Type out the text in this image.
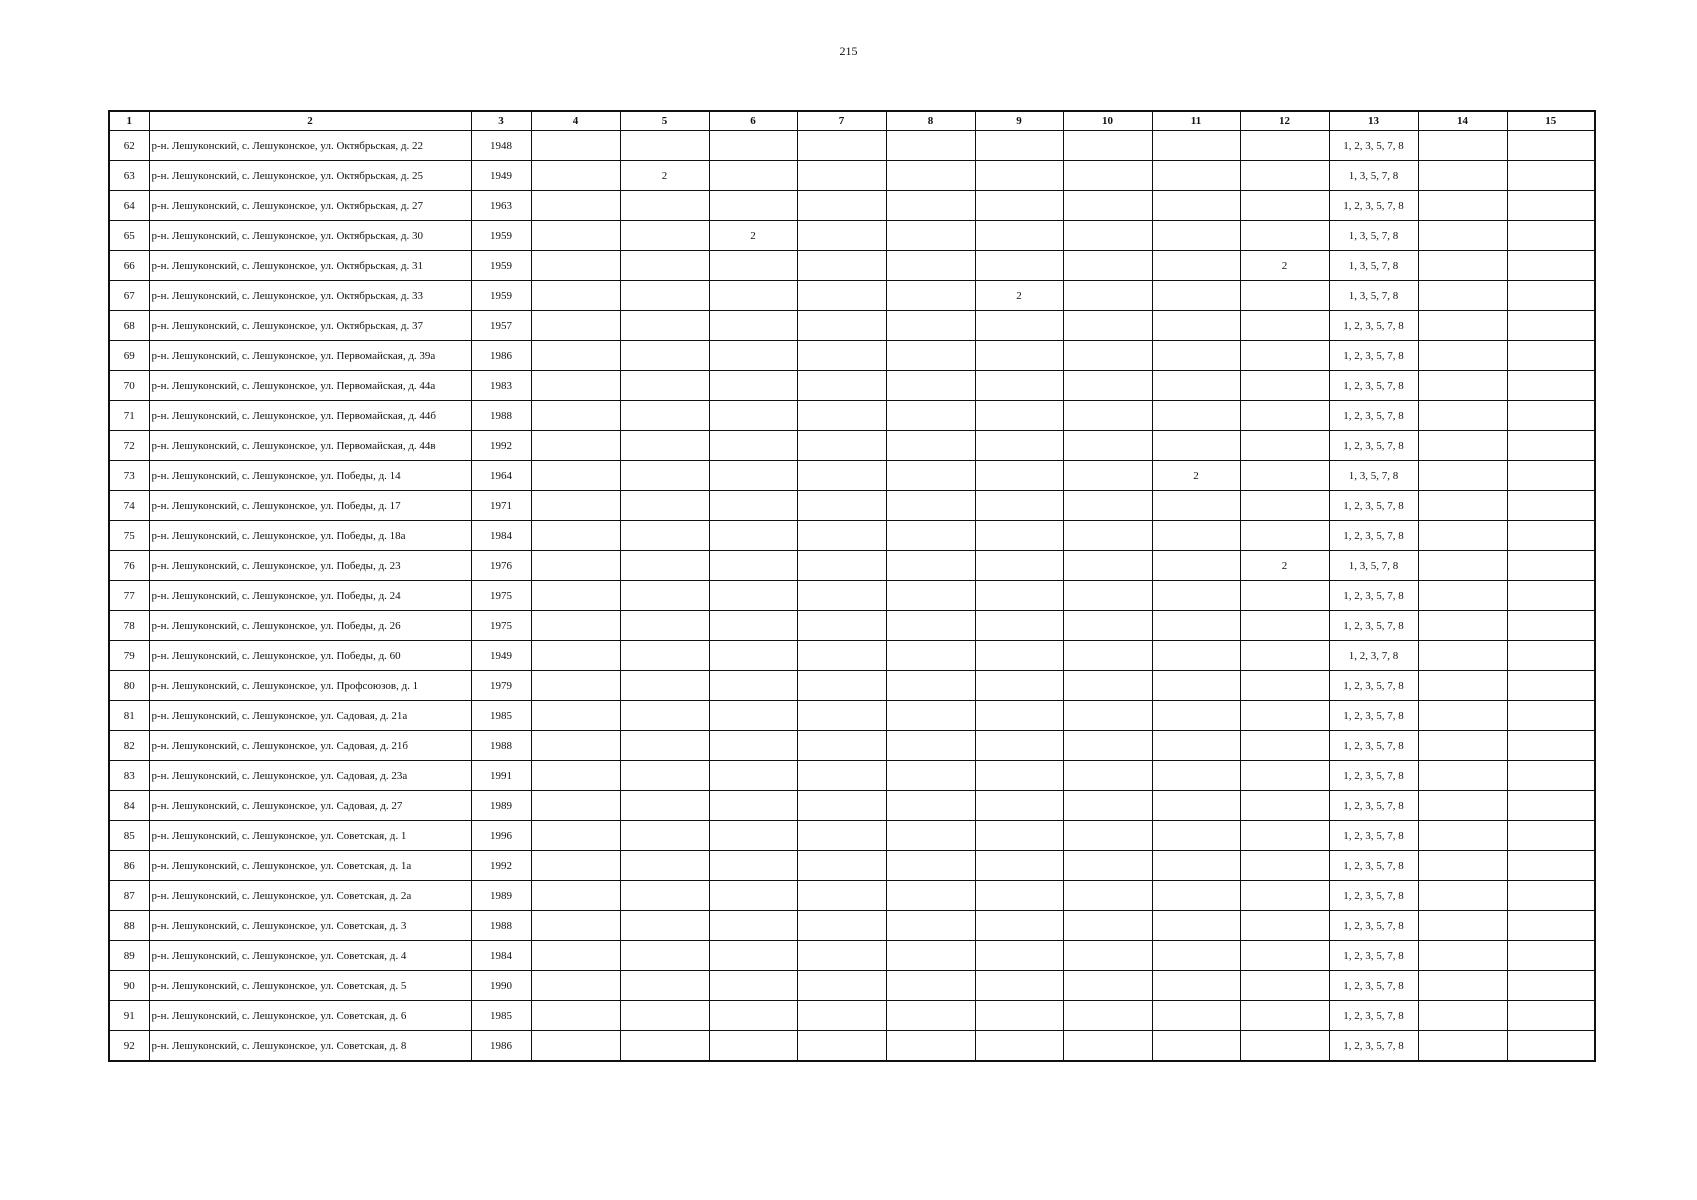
215
1	2	3	4	5	6	7	8	9	10	11	12	13	14	15
62	р-н. Лешуконский, с. Лешуконское, ул. Октябрьская, д. 22	1948										1, 2, 3, 5, 7, 8		
63	р-н. Лешуконский, с. Лешуконское, ул. Октябрьская, д. 25	1949		2								1, 3, 5, 7, 8		
64	р-н. Лешуконский, с. Лешуконское, ул. Октябрьская, д. 27	1963										1, 2, 3, 5, 7, 8		
65	р-н. Лешуконский, с. Лешуконское, ул. Октябрьская, д. 30	1959			2							1, 3, 5, 7, 8		
66	р-н. Лешуконский, с. Лешуконское, ул. Октябрьская, д. 31	1959									2	1, 3, 5, 7, 8		
67	р-н. Лешуконский, с. Лешуконское, ул. Октябрьская, д. 33	1959						2				1, 3, 5, 7, 8		
68	р-н. Лешуконский, с. Лешуконское, ул. Октябрьская, д. 37	1957										1, 2, 3, 5, 7, 8		
69	р-н. Лешуконский, с. Лешуконское, ул. Первомайская, д. 39а	1986										1, 2, 3, 5, 7, 8		
70	р-н. Лешуконский, с. Лешуконское, ул. Первомайская, д. 44а	1983										1, 2, 3, 5, 7, 8		
71	р-н. Лешуконский, с. Лешуконское, ул. Первомайская, д. 44б	1988										1, 2, 3, 5, 7, 8		
72	р-н. Лешуконский, с. Лешуконское, ул. Первомайская, д. 44в	1992										1, 2, 3, 5, 7, 8		
73	р-н. Лешуконский, с. Лешуконское, ул. Победы, д. 14	1964								2		1, 3, 5, 7, 8		
74	р-н. Лешуконский, с. Лешуконское, ул. Победы, д. 17	1971										1, 2, 3, 5, 7, 8		
75	р-н. Лешуконский, с. Лешуконское, ул. Победы, д. 18а	1984										1, 2, 3, 5, 7, 8		
76	р-н. Лешуконский, с. Лешуконское, ул. Победы, д. 23	1976									2	1, 3, 5, 7, 8		
77	р-н. Лешуконский, с. Лешуконское, ул. Победы, д. 24	1975										1, 2, 3, 5, 7, 8		
78	р-н. Лешуконский, с. Лешуконское, ул. Победы, д. 26	1975										1, 2, 3, 5, 7, 8		
79	р-н. Лешуконский, с. Лешуконское, ул. Победы, д. 60	1949										1, 2, 3, 7, 8		
80	р-н. Лешуконский, с. Лешуконское, ул. Профсоюзов, д. 1	1979										1, 2, 3, 5, 7, 8		
81	р-н. Лешуконский, с. Лешуконское, ул. Садовая, д. 21а	1985										1, 2, 3, 5, 7, 8		
82	р-н. Лешуконский, с. Лешуконское, ул. Садовая, д. 21б	1988										1, 2, 3, 5, 7, 8		
83	р-н. Лешуконский, с. Лешуконское, ул. Садовая, д. 23а	1991										1, 2, 3, 5, 7, 8		
84	р-н. Лешуконский, с. Лешуконское, ул. Садовая, д. 27	1989										1, 2, 3, 5, 7, 8		
85	р-н. Лешуконский, с. Лешуконское, ул. Советская, д. 1	1996										1, 2, 3, 5, 7, 8		
86	р-н. Лешуконский, с. Лешуконское, ул. Советская, д. 1а	1992										1, 2, 3, 5, 7, 8		
87	р-н. Лешуконский, с. Лешуконское, ул. Советская, д. 2а	1989										1, 2, 3, 5, 7, 8		
88	р-н. Лешуконский, с. Лешуконское, ул. Советская, д. 3	1988										1, 2, 3, 5, 7, 8		
89	р-н. Лешуконский, с. Лешуконское, ул. Советская, д. 4	1984										1, 2, 3, 5, 7, 8		
90	р-н. Лешуконский, с. Лешуконское, ул. Советская, д. 5	1990										1, 2, 3, 5, 7, 8		
91	р-н. Лешуконский, с. Лешуконское, ул. Советская, д. 6	1985										1, 2, 3, 5, 7, 8		
92	р-н. Лешуконский, с. Лешуконское, ул. Советская, д. 8	1986										1, 2, 3, 5, 7, 8		
